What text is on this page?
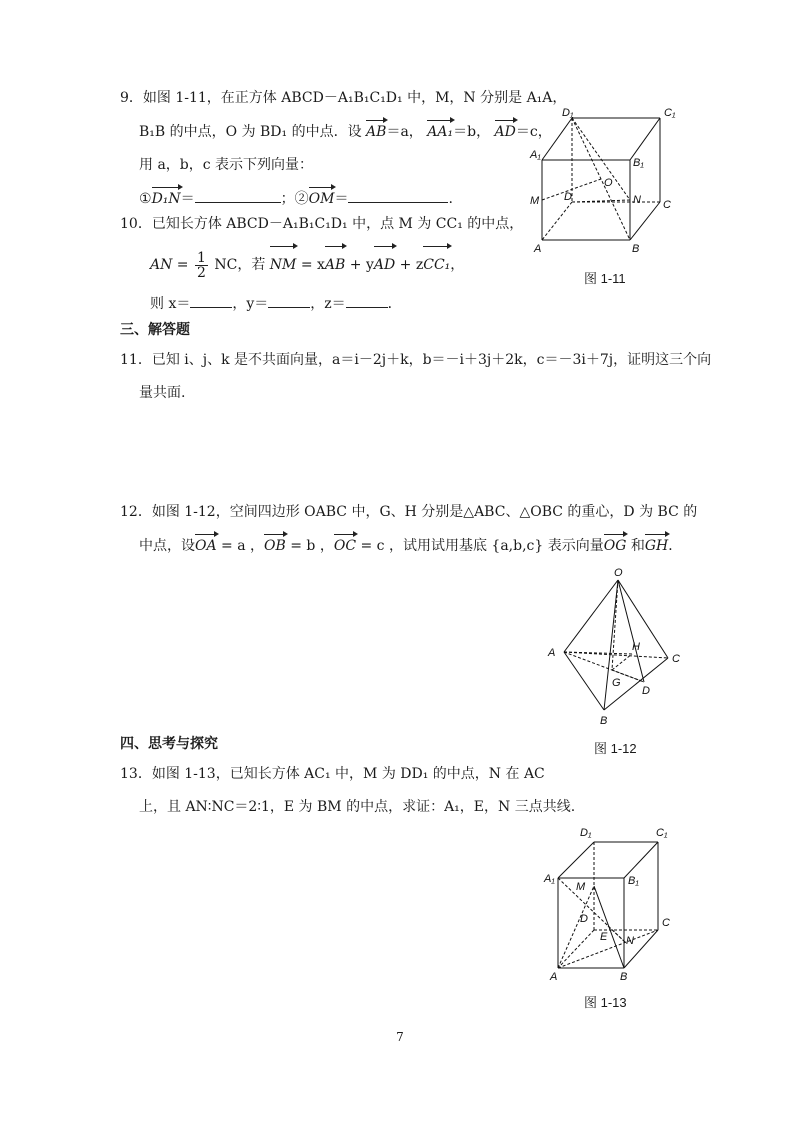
9．如图 1-11，在正方体 ABCD－A₁B₁C₁D₁ 中，M，N 分别是 A₁A，
B₁B 的中点，O 为 BD₁ 的中点．设 AB＝a， AA₁＝b， AD＝c，
用 a，b，c 表示下列向量：
①D₁N＝	；②OM＝	.
10．已知长方体 ABCD－A₁B₁C₁D₁ 中，点 M 为 CC₁ 的中点，
AN = $\frac{1}{2}$ NC，若 NM = xAB + yAD + zCC₁，
则 x＝	，y＝	，z＝	．
三、解答题
11．已知 i、j、k 是不共面向量，a＝i－2j＋k，b＝－i＋3j＋2k，c＝－3i＋7j，证明这三个向
量共面.
12．如图 1-12，空间四边形 OABC 中，G、H 分别是△ABC、△OBC 的重心，D 为 BC 的
中点，设OA = a ，OB = b ，OC = c ，试用试用基底 {a,b,c} 表示向量OG 和GH．
四、思考与探究
13．如图 1-13，已知长方体 AC₁ 中，M 为 DD₁ 的中点，N 在 AC
上，且 AN∶NC＝2∶1，E 为 BM 的中点，求证：A₁，E，N 三点共线.
D₁	C₁
A₁
B₁
O
M D	N C
A	B
图 1-11
O
A	H
C
G
D
B
图 1-12
D₁	C₁
A₁
M	B₁
D	C
E N
A	B
图 1-13
7
